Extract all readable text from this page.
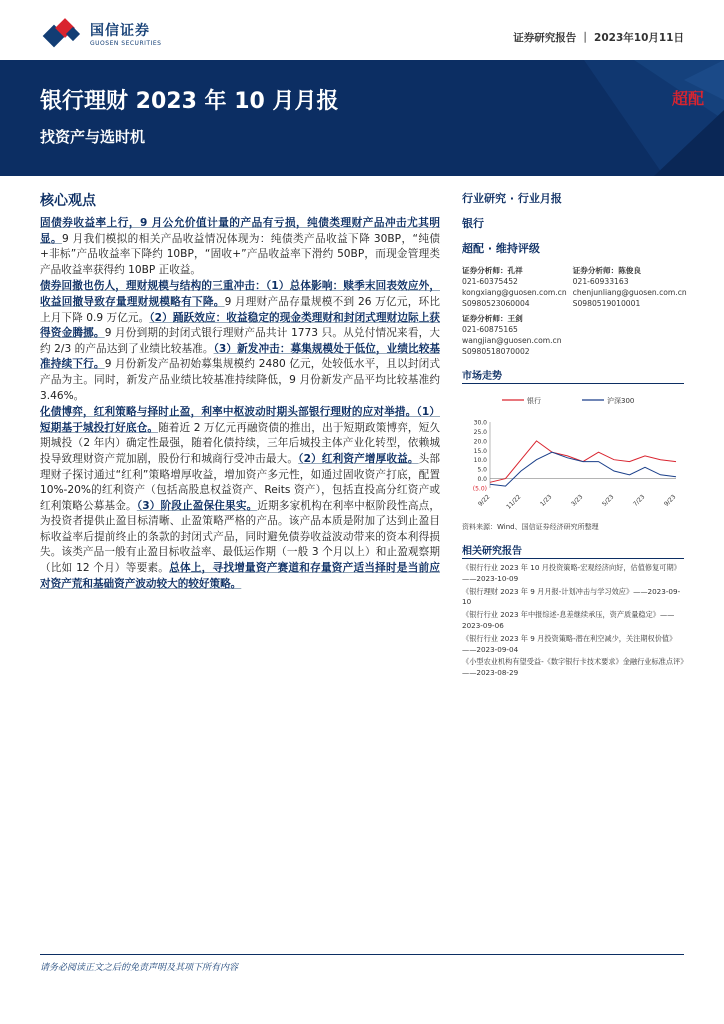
国信证券
GUOSEN SECURITIES	证券研究报告 ｜ 2023年10月11日
银行理财 2023 年 10 月月报
找资产与选时机
超配
核心观点

固债券收益率上行，9 月公允价值计量的产品有亏损，纯债类理财产品冲击尤其明显。9 月我们模拟的相关产品收益情况体现为：纯债类产品收益下降 30BP，“纯债+非标”产品收益率下降约 10BP，“固收+”产品收益率下滑约 50BP，而现金管理类产品收益率获得约 10BP 正收益。

债券回撤也伤人，理财规模与结构的三重冲击：（1）总体影响：赎季末回表效应外，收益回撤导致存量理财规模略有下降。9 月理财产品存量规模不到 26 万亿元，环比上月下降 0.9 万亿元。（2）踊跃效应：收益稳定的现金类理财和封闭式理财边际上获得资金腾挪。9 月份到期的封闭式银行理财产品共计 1773 只。从兑付情况来看，大约 2/3 的产品达到了业绩比较基准。（3）新发冲击：募集规模处于低位，业绩比较基准持续下行。9 月份新发产品初始募集规模约 2480 亿元，处较低水平，且以封闭式产品为主。同时，新发产品业绩比较基准持续降低，9 月份新发产品平均比较基准约 3.46%。

化债博弈，红利策略与择时止盈，利率中枢波动时期头部银行理财的应对举措。（1）短期基于城投打好底仓。随着近 2 万亿元再融资债的推出，出于短期政策博弈，短久期城投（2 年内）确定性最强，随着化债持续，三年后城投主体产业化转型，依赖城投导致理财资产荒加剧，股份行和城商行受冲击最大。（2）红利资产增厚收益。头部理财子探讨通过“红利”策略增厚收益，增加资产多元性，如通过固收资产打底，配置 10%-20%的红利资产（包括高股息权益资产、Reits 资产），包括直投高分红资产或红利策略公募基金。（3）阶段止盈保住果实。近期多家机构在利率中枢阶段性高点，为投资者提供止盈目标清晰、止盈策略严格的产品。该产品本质是附加了达到止盈目标收益率后提前终止的条款的封闭式产品，同时避免债券收益波动带来的资本利得损失。该类产品一般有止盈目标收益率、最低运作期（一般 3 个月以上）和止盈观察期（比如 12 个月）等要素。总体上，寻找增量资产赛道和存量资产适当择时是当前应对资产荒和基础资产波动较大的较好策略。

行业研究 · 行业月报
银行
超配 · 维持评级
证券分析师：孔祥
021-60375452
kongxiang@guosen.com.cn
S0980523060004
证券分析师：陈俊良
021-60933163
chenjunliang@guosen.com.cn
S0980519010001
证券分析师：王剑
021-60875165
wangjian@guosen.com.cn
S0980518070002
市场走势
银行	沪深300
(5.0)
0.0
5.0
10.0
15.0
20.0
25.0
30.0
9/22 11/22	1/23	3/23	5/23	7/23	9/23
资料来源：Wind、国信证券经济研究所整理
相关研究报告
《银行行业 2023 年 10 月投资策略-宏观经济向好，估值修复可期》——2023-10-09
《银行理财 2023 年 9 月月报-计划冲击与学习效应》——2023-09-10
《银行行业 2023 年中报综述-息差继续承压，资产质量稳定》——2023-09-06
《银行行业 2023 年 9 月投资策略-潜在利空减少，关注期权价值》——2023-09-04
《小型农业机构有望受益-《数字银行卡技术要求》金融行业标准点评》——2023-08-29
请务必阅读正文之后的免责声明及其项下所有内容
